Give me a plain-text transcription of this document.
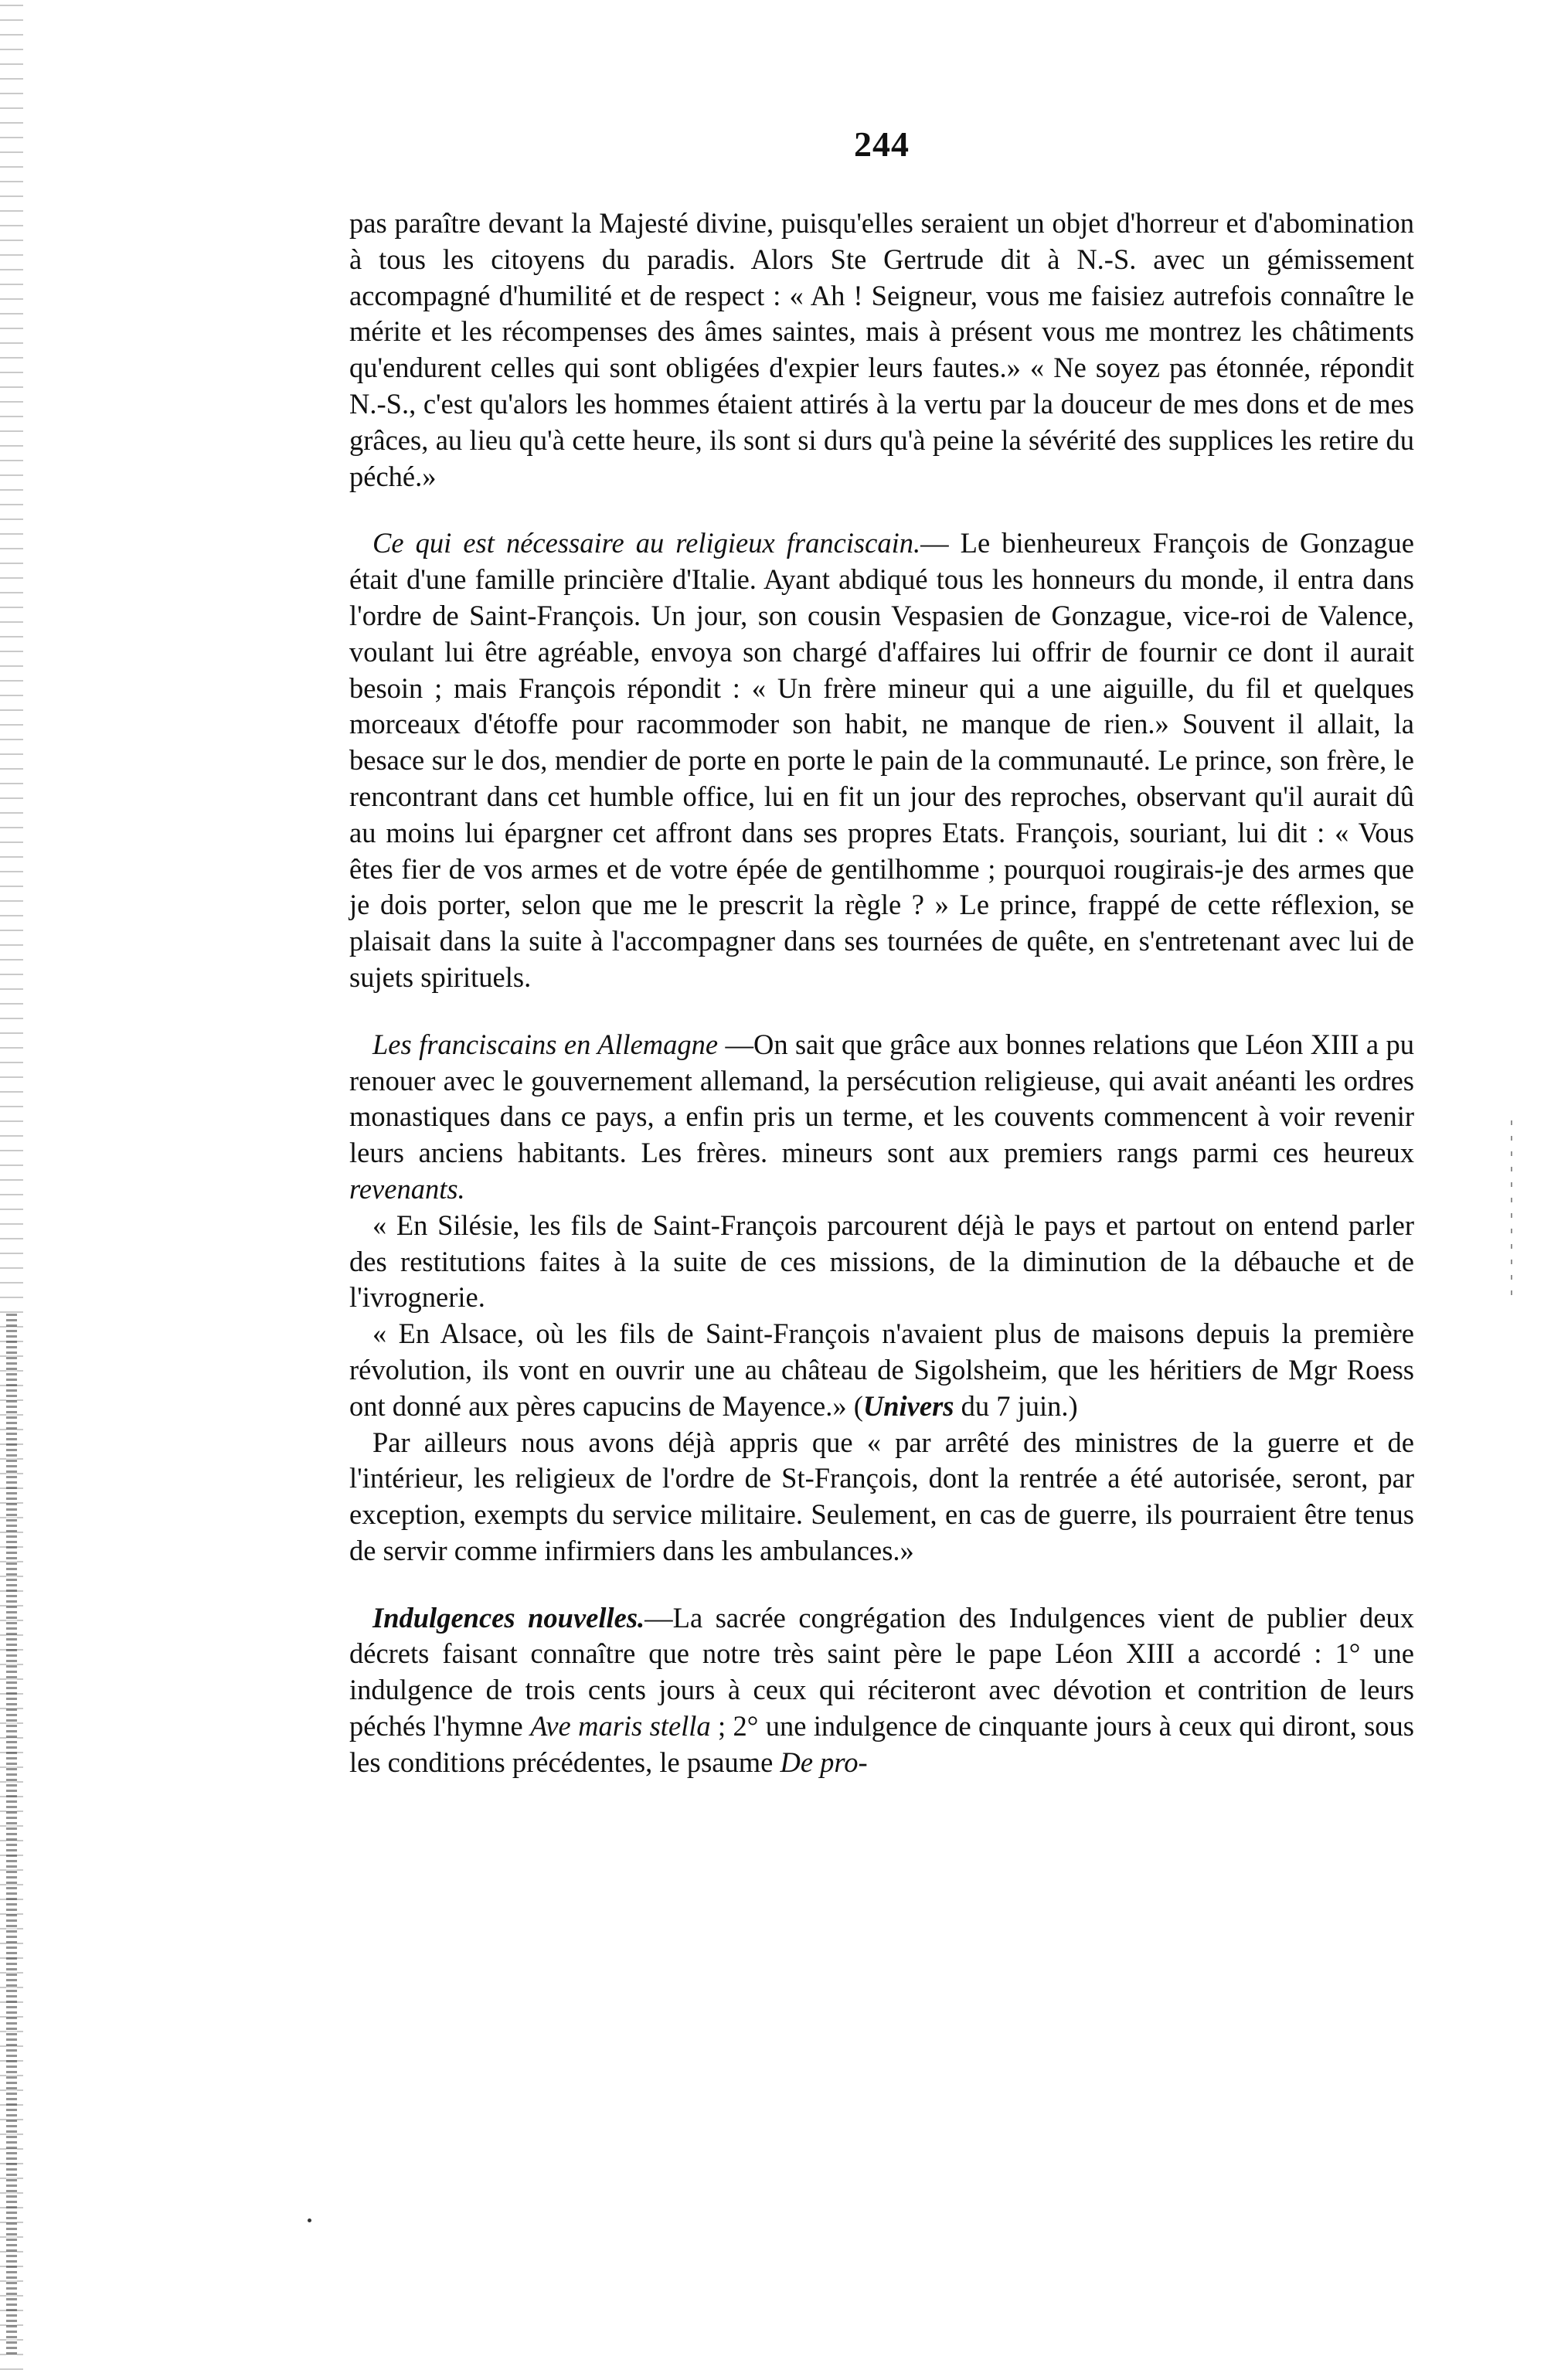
244

pas paraître devant la Majesté divine, puisqu'elles seraient un objet d'horreur et d'abomination à tous les citoyens du paradis. Alors Ste Gertrude dit à N.-S. avec un gémissement accompagné d'humilité et de respect : « Ah ! Seigneur, vous me faisiez autrefois connaître le mérite et les récompenses des âmes saintes, mais à présent vous me montrez les châtiments qu'endurent celles qui sont obligées d'expier leurs fautes.» « Ne soyez pas étonnée, répondit N.-S., c'est qu'alors les hommes étaient attirés à la vertu par la douceur de mes dons et de mes grâces, au lieu qu'à cette heure, ils sont si durs qu'à peine la sévérité des supplices les retire du péché.»

Ce qui est nécessaire au religieux franciscain.— Le bienheureux François de Gonzague était d'une famille princière d'Italie. Ayant abdiqué tous les honneurs du monde, il entra dans l'ordre de Saint-François. Un jour, son cousin Vespasien de Gonzague, vice-roi de Valence, voulant lui être agréable, envoya son chargé d'affaires lui offrir de fournir ce dont il aurait besoin ; mais François répondit : « Un frère mineur qui a une aiguille, du fil et quelques morceaux d'étoffe pour racommoder son habit, ne manque de rien.» Souvent il allait, la besace sur le dos, mendier de porte en porte le pain de la communauté. Le prince, son frère, le rencontrant dans cet humble office, lui en fit un jour des reproches, observant qu'il aurait dû au moins lui épargner cet affront dans ses propres Etats. François, souriant, lui dit : « Vous êtes fier de vos armes et de votre épée de gentilhomme ; pourquoi rougirais-je des armes que je dois porter, selon que me le prescrit la règle ? » Le prince, frappé de cette réflexion, se plaisait dans la suite à l'accompagner dans ses tournées de quête, en s'entretenant avec lui de sujets spirituels.

Les franciscains en Allemagne —On sait que grâce aux bonnes relations que Léon XIII a pu renouer avec le gouvernement allemand, la persécution religieuse, qui avait anéanti les ordres monastiques dans ce pays, a enfin pris un terme, et les couvents commencent à voir revenir leurs anciens habitants. Les frères. mineurs sont aux premiers rangs parmi ces heureux revenants.

« En Silésie, les fils de Saint-François parcourent déjà le pays et partout on entend parler des restitutions faites à la suite de ces missions, de la diminution de la débauche et de l'ivrognerie.

« En Alsace, où les fils de Saint-François n'avaient plus de maisons depuis la première révolution, ils vont en ouvrir une au château de Sigolsheim, que les héritiers de Mgr Roess ont donné aux pères capucins de Mayence.» (Univers du 7 juin.)

Par ailleurs nous avons déjà appris que « par arrêté des ministres de la guerre et de l'intérieur, les religieux de l'ordre de St-François, dont la rentrée a été autorisée, seront, par exception, exempts du service militaire. Seulement, en cas de guerre, ils pourraient être tenus de servir comme infirmiers dans les ambulances.»

Indulgences nouvelles.—La sacrée congrégation des Indulgences vient de publier deux décrets faisant connaître que notre très saint père le pape Léon XIII a accordé : 1° une indulgence de trois cents jours à ceux qui réciteront avec dévotion et contrition de leurs péchés l'hymne Ave maris stella ; 2° une indulgence de cinquante jours à ceux qui diront, sous les conditions précédentes, le psaume De pro-
